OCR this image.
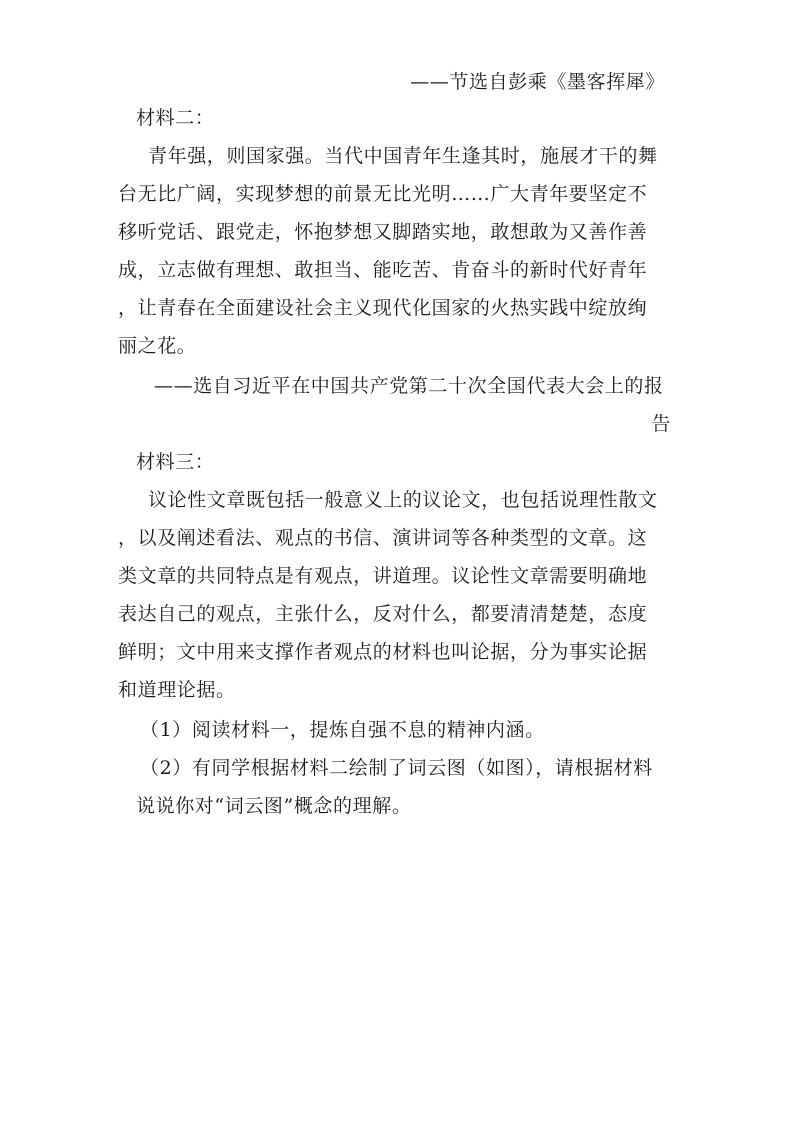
——节选自彭乘《墨客挥犀》
材料二：
青年强，则国家强。当代中国青年生逢其时，施展才干的舞
台无比广阔，实现梦想的前景无比光明……广大青年要坚定不
移听党话、跟党走，怀抱梦想又脚踏实地，敢想敢为又善作善
成，立志做有理想、敢担当、能吃苦、肯奋斗的新时代好青年
，让青春在全面建设社会主义现代化国家的火热实践中绽放绚
丽之花。
——选自习近平在中国共产党第二十次全国代表大会上的报
告
材料三：
议论性文章既包括一般意义上的议论文，也包括说理性散文
，以及阐述看法、观点的书信、演讲词等各种类型的文章。这
类文章的共同特点是有观点，讲道理。议论性文章需要明确地
表达自己的观点，主张什么，反对什么，都要清清楚楚，态度
鲜明；文中用来支撑作者观点的材料也叫论据，分为事实论据
和道理论据。
（1）阅读材料一，提炼自强不息的精神内涵。
（2）有同学根据材料二绘制了词云图（如图），请根据材料
说说你对“词云图”概念的理解。
